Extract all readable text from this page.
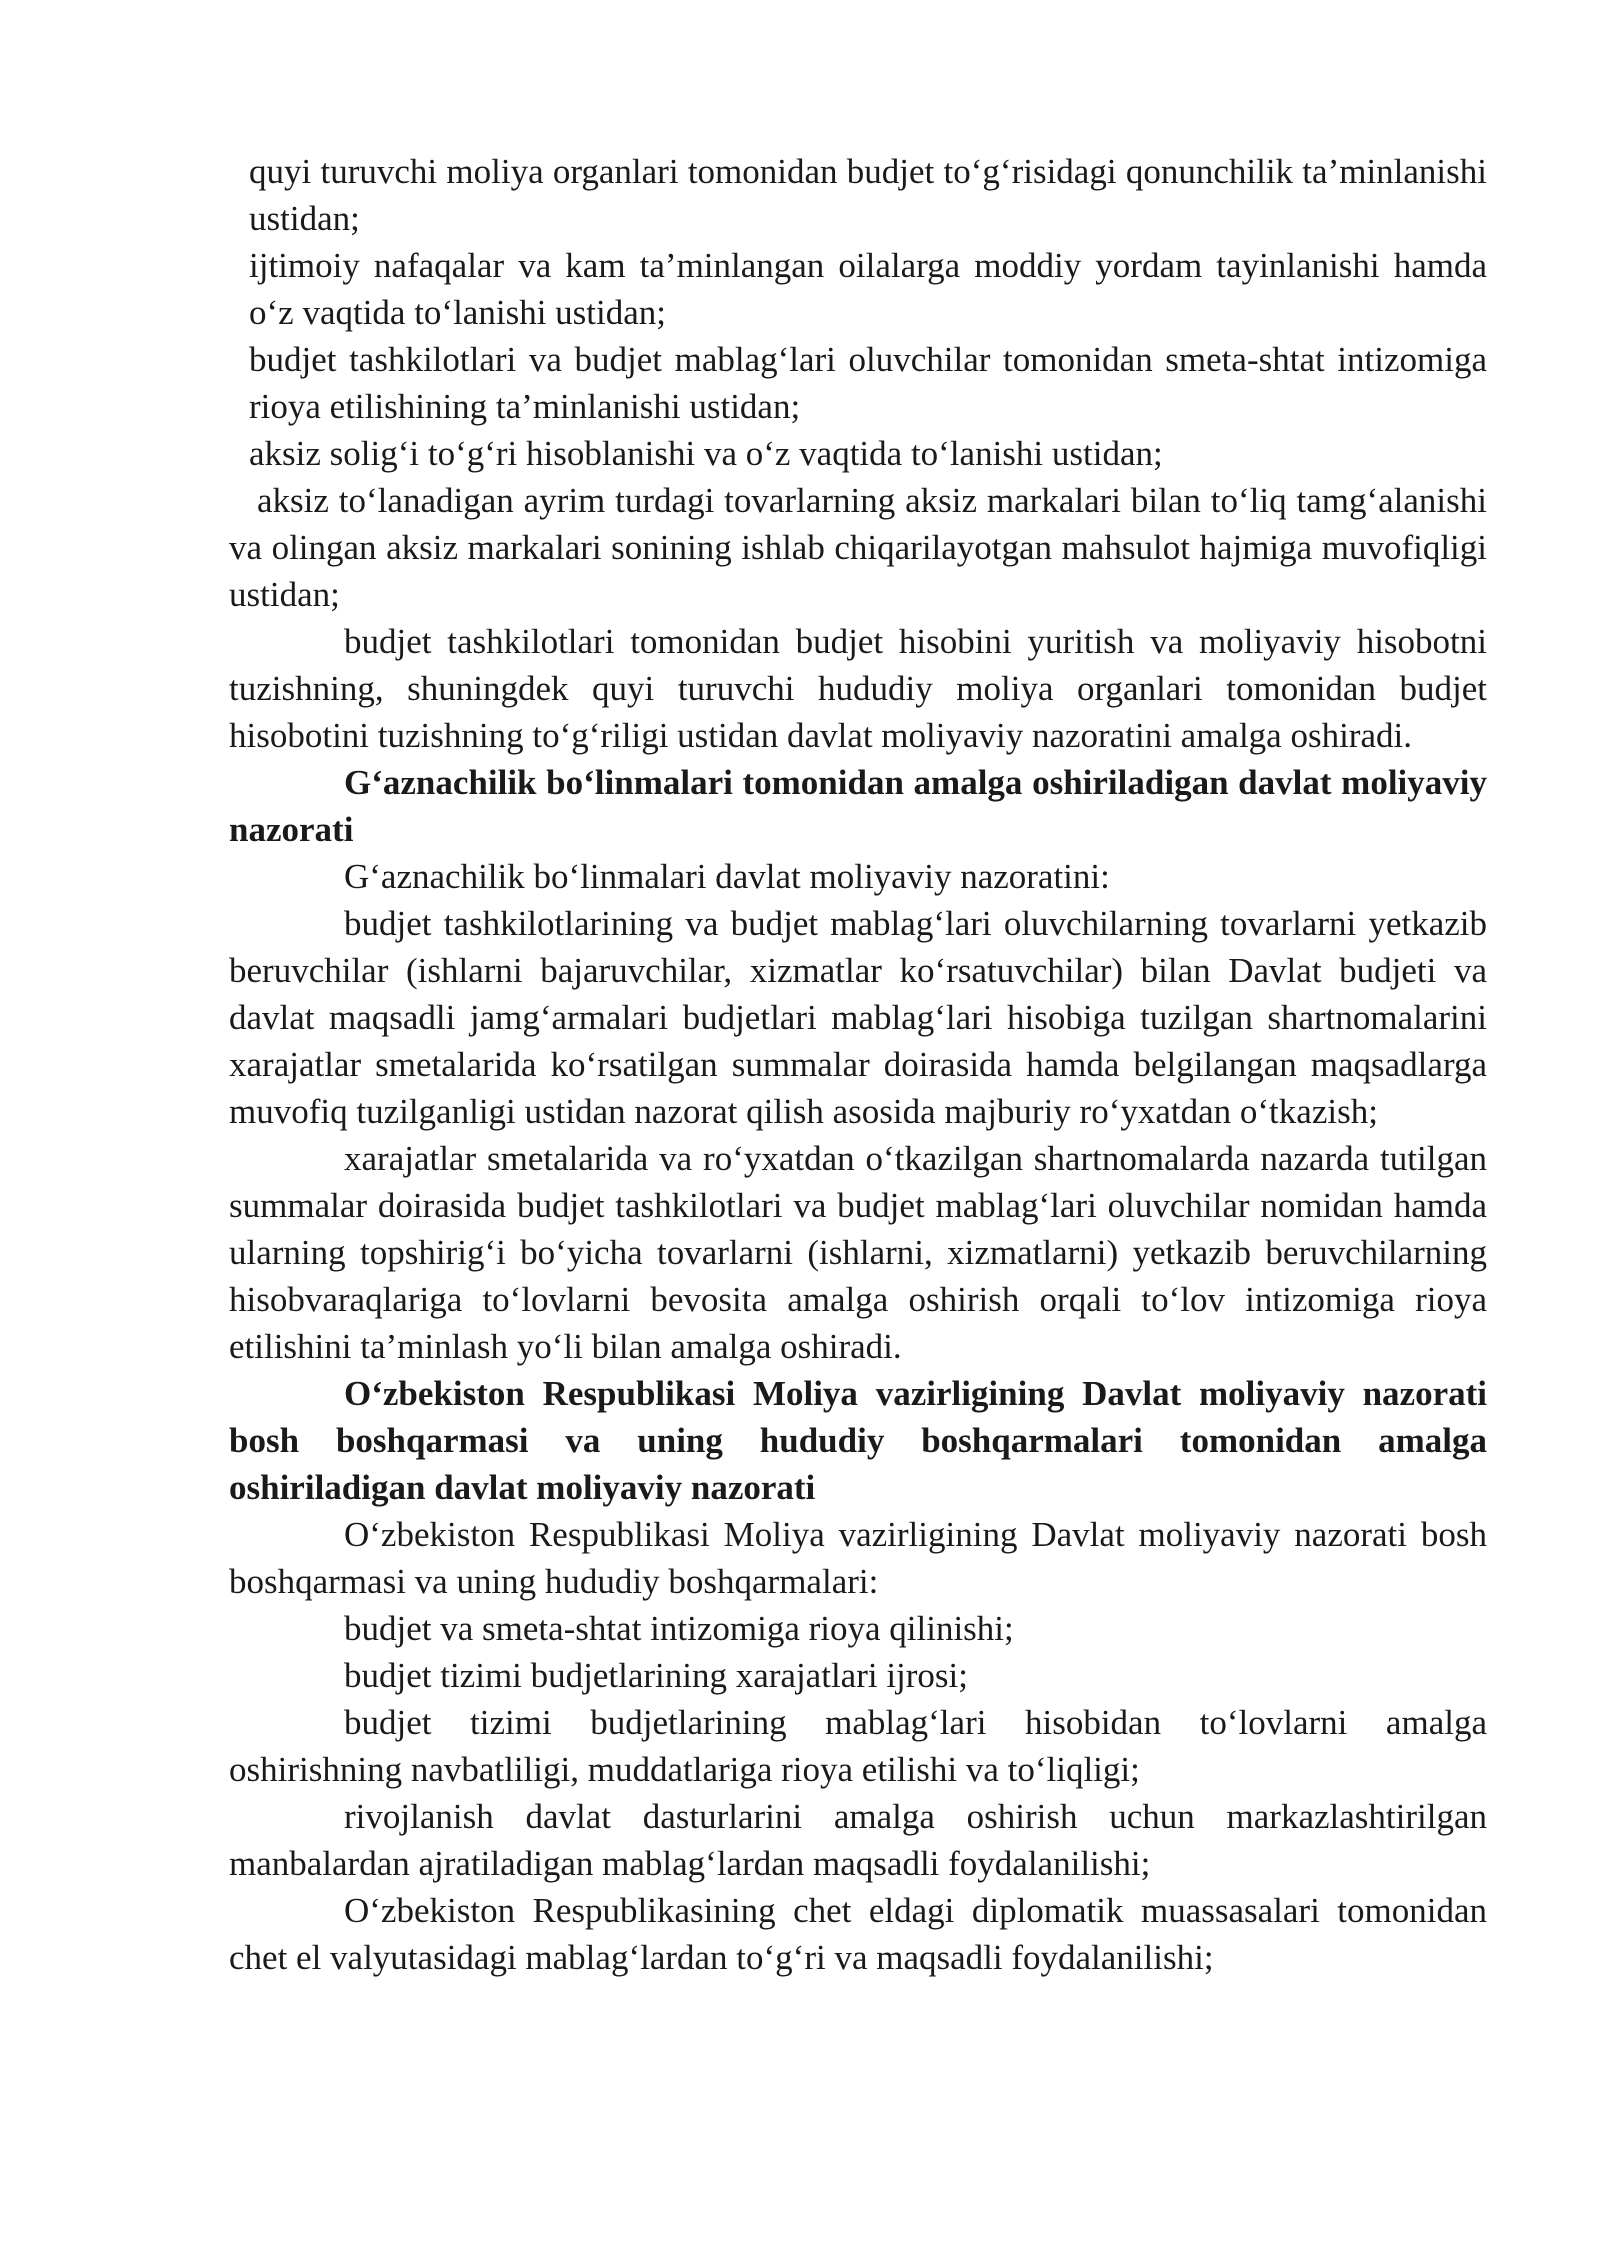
quyi turuvchi moliya organlari tomonidan budjet to‘g‘risidagi qonunchilik ta’minlanishi ustidan;

ijtimoiy nafaqalar va kam ta’minlangan oilalarga moddiy yordam tayinlanishi hamda o‘z vaqtida to‘lanishi ustidan;

budjet tashkilotlari va budjet mablag‘lari oluvchilar tomonidan smeta-shtat intizomiga rioya etilishining ta’minlanishi ustidan;

aksiz solig‘i to‘g‘ri hisoblanishi va o‘z vaqtida to‘lanishi ustidan;

aksiz to‘lanadigan ayrim turdagi tovarlarning aksiz markalari bilan to‘liq tamg‘alanishi va olingan aksiz markalari sonining ishlab chiqarilayotgan mahsulot hajmiga muvofiqligi ustidan;

budjet tashkilotlari tomonidan budjet hisobini yuritish va moliyaviy hisobotni tuzishning, shuningdek quyi turuvchi hududiy moliya organlari tomonidan budjet hisobotini tuzishning to‘g‘riligi ustidan davlat moliyaviy nazoratini amalga oshiradi.

G‘aznachilik bo‘linmalari tomonidan amalga oshiriladigan davlat moliyaviy nazorati

G‘aznachilik bo‘linmalari davlat moliyaviy nazoratini:

budjet tashkilotlarining va budjet mablag‘lari oluvchilarning tovarlarni yetkazib beruvchilar (ishlarni bajaruvchilar, xizmatlar ko‘rsatuvchilar) bilan Davlat budjeti va davlat maqsadli jamg‘armalari budjetlari mablag‘lari hisobiga tuzilgan shartnomalarini xarajatlar smetalarida ko‘rsatilgan summalar doirasida hamda belgilangan maqsadlarga muvofiq tuzilganligi ustidan nazorat qilish asosida majburiy ro‘yxatdan o‘tkazish;

xarajatlar smetalarida va ro‘yxatdan o‘tkazilgan shartnomalarda nazarda tutilgan summalar doirasida budjet tashkilotlari va budjet mablag‘lari oluvchilar nomidan hamda ularning topshirig‘i bo‘yicha tovarlarni (ishlarni, xizmatlarni) yetkazib beruvchilarning hisobvaraqlariga to‘lovlarni bevosita amalga oshirish orqali to‘lov intizomiga rioya etilishini ta’minlash yo‘li bilan amalga oshiradi.

O‘zbekiston Respublikasi Moliya vazirligining Davlat moliyaviy nazorati bosh boshqarmasi va uning hududiy boshqarmalari tomonidan amalga oshiriladigan davlat moliyaviy nazorati

O‘zbekiston Respublikasi Moliya vazirligining Davlat moliyaviy nazorati bosh boshqarmasi va uning hududiy boshqarmalari:

budjet va smeta-shtat intizomiga rioya qilinishi;

budjet tizimi budjetlarining xarajatlari ijrosi;

budjet tizimi budjetlarining mablag‘lari hisobidan to‘lovlarni amalga oshirishning navbatliligi, muddatlariga rioya etilishi va to‘liqligi;

rivojlanish davlat dasturlarini amalga oshirish uchun markazlashtirilgan manbalardan ajratiladigan mablag‘lardan maqsadli foydalanilishi;

O‘zbekiston Respublikasining chet eldagi diplomatik muassasalari tomonidan chet el valyutasidagi mablag‘lardan to‘g‘ri va maqsadli foydalanilishi;
